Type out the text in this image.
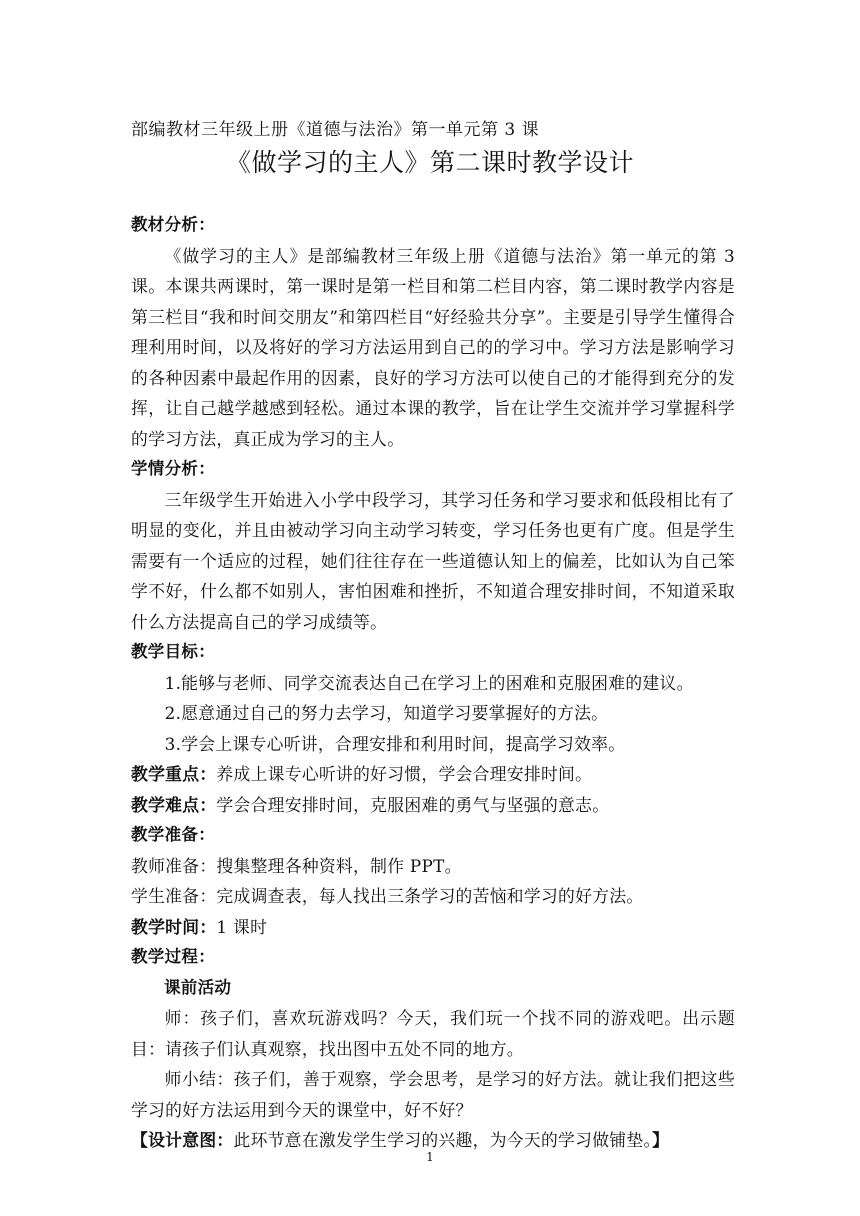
部编教材三年级上册《道德与法治》第一单元第 3 课
《做学习的主人》第二课时教学设计
教材分析：

《做学习的主人》是部编教材三年级上册《道德与法治》第一单元的第 3 课。本课共两课时，第一课时是第一栏目和第二栏目内容，第二课时教学内容是第三栏目“我和时间交朋友”和第四栏目“好经验共分享”。主要是引导学生懂得合理利用时间，以及将好的学习方法运用到自己的的学习中。学习方法是影响学习的各种因素中最起作用的因素，良好的学习方法可以使自己的才能得到充分的发挥，让自己越学越感到轻松。通过本课的教学，旨在让学生交流并学习掌握科学的学习方法，真正成为学习的主人。

学情分析：

三年级学生开始进入小学中段学习，其学习任务和学习要求和低段相比有了明显的变化，并且由被动学习向主动学习转变，学习任务也更有广度。但是学生需要有一个适应的过程，她们往往存在一些道德认知上的偏差，比如认为自己笨学不好，什么都不如别人，害怕困难和挫折，不知道合理安排时间，不知道采取什么方法提高自己的学习成绩等。

教学目标：

1.能够与老师、同学交流表达自己在学习上的困难和克服困难的建议。

2.愿意通过自己的努力去学习，知道学习要掌握好的方法。

3.学会上课专心听讲，合理安排和利用时间，提高学习效率。

教学重点：养成上课专心听讲的好习惯，学会合理安排时间。

教学难点：学会合理安排时间，克服困难的勇气与坚强的意志。

教学准备：

教师准备：搜集整理各种资料，制作 PPT。

学生准备：完成调查表，每人找出三条学习的苦恼和学习的好方法。

教学时间：1 课时

教学过程：

课前活动

师：孩子们，喜欢玩游戏吗？今天，我们玩一个找不同的游戏吧。出示题目：请孩子们认真观察，找出图中五处不同的地方。

师小结：孩子们，善于观察，学会思考，是学习的好方法。就让我们把这些学习的好方法运用到今天的课堂中，好不好？

【设计意图：此环节意在激发学生学习的兴趣，为今天的学习做铺垫。】

1
